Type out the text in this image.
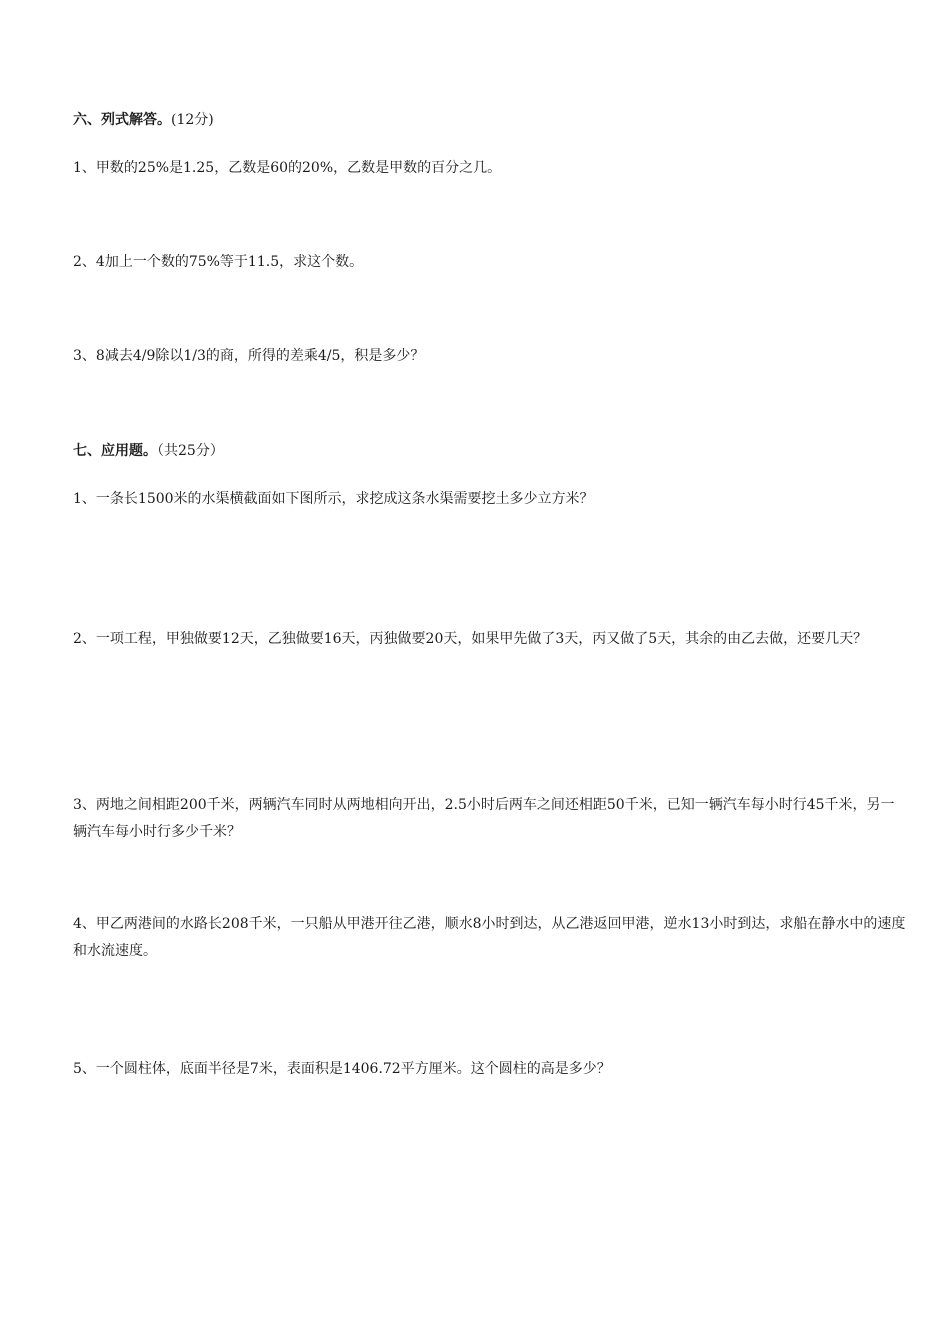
六、列式解答。(12分)
1、甲数的25%是1.25，乙数是60的20%，乙数是甲数的百分之几。
2、4加上一个数的75%等于11.5，求这个数。
3、8减去4/9除以1/3的商，所得的差乘4/5，积是多少？
七、应用题。（共25分）
1、一条长1500米的水渠横截面如下图所示，求挖成这条水渠需要挖土多少立方米？
2、一项工程，甲独做要12天，乙独做要16天，丙独做要20天，如果甲先做了3天，丙又做了5天，其余的由乙去做，还要几天？
3、两地之间相距200千米，两辆汽车同时从两地相向开出，2.5小时后两车之间还相距50千米，已知一辆汽车每小时行45千米，另一辆汽车每小时行多少千米？
4、甲乙两港间的水路长208千米，一只船从甲港开往乙港，顺水8小时到达，从乙港返回甲港，逆水13小时到达，求船在静水中的速度和水流速度。
5、一个圆柱体，底面半径是7米，表面积是1406.72平方厘米。这个圆柱的高是多少？
